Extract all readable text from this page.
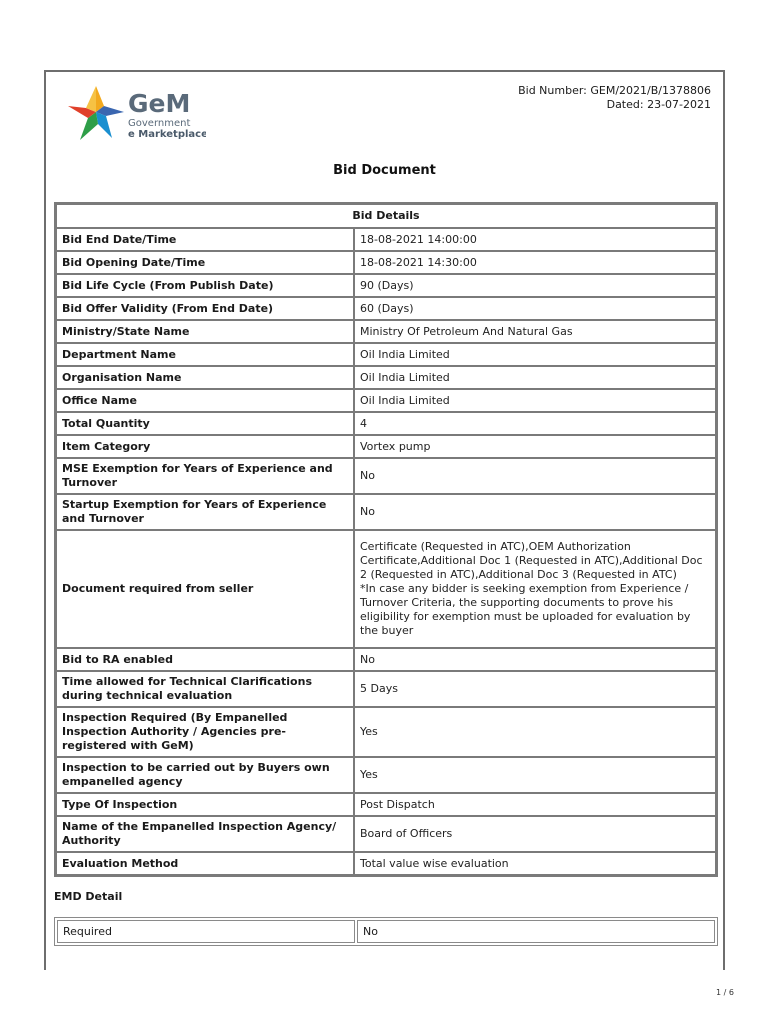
GeM
Government
e Marketplace
Bid Number: GEM/2021/B/1378806
Dated: 23-07-2021
Bid Document
Bid Details	
Bid End Date/Time	18-08-2021 14:00:00
Bid Opening Date/Time	18-08-2021 14:30:00
Bid Life Cycle (From Publish Date)	90 (Days)
Bid Offer Validity (From End Date)	60 (Days)
Ministry/State Name	Ministry Of Petroleum And Natural Gas
Department Name	Oil India Limited
Organisation Name	Oil India Limited
Office Name	Oil India Limited
Total Quantity	4
Item Category	Vortex pump
MSE Exemption for Years of Experience and Turnover	No
Startup Exemption for Years of Experience and Turnover	No
Document required from seller	Certificate (Requested in ATC),OEM Authorization Certificate,Additional Doc 1 (Requested in ATC),Additional Doc 2 (Requested in ATC),Additional Doc 3 (Requested in ATC)
*In case any bidder is seeking exemption from Experience / Turnover Criteria, the supporting documents to prove his eligibility for exemption must be uploaded for evaluation by the buyer

Bid to RA enabled	No
Time allowed for Technical Clarifications during technical evaluation	5 Days
Inspection Required (By Empanelled Inspection Authority / Agencies pre-registered with GeM)	Yes
Inspection to be carried out by Buyers own empanelled agency	Yes
Type Of Inspection	Post Dispatch
Name of the Empanelled Inspection Agency/ Authority	Board of Officers
Evaluation Method	Total value wise evaluation
EMD Detail
Required	No
1 / 6
